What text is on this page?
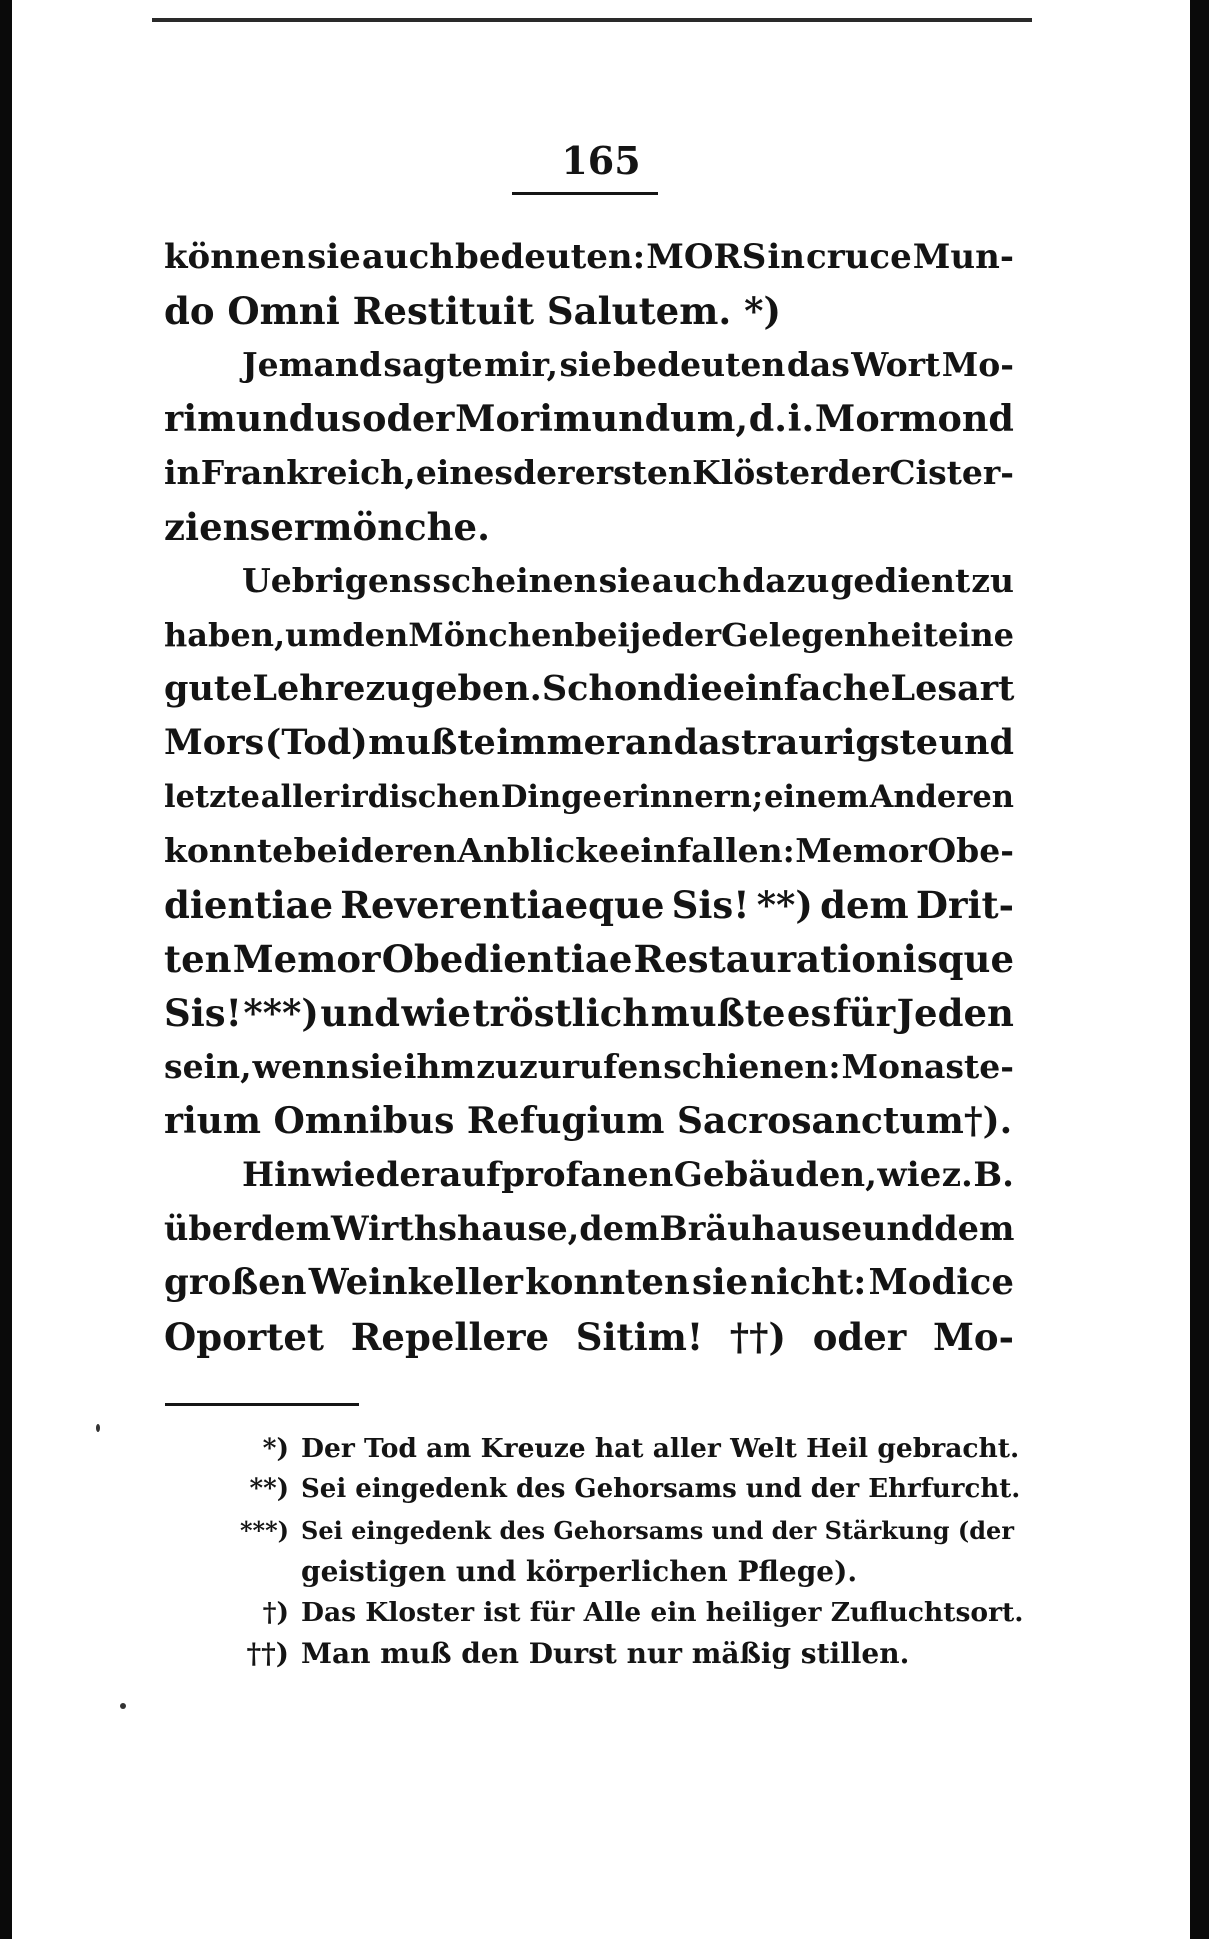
165
können sie auch bedeuten: MORS in cruce Mun-
do Omni Restituit Salutem. *)
Jemand sagte mir, sie bedeuten das Wort Mo-
rimundus oder Morimundum, d. i. Mormond
in Frankreich, eines der ersten Klöster der Cister-
ziensermönche.
Uebrigens scheinen sie auch dazu gedient zu
haben, um den Mönchen bei jeder Gelegenheit eine
gute Lehre zu geben. Schon die einfache Lesart
Mors (Tod) mußte immer an das traurigste und
letzte aller irdischen Dinge erinnern; einem Anderen
konnte bei deren Anblicke einfallen: Memor Obe-
dientiae Reverentiaeque Sis! **) dem Drit-
ten Memor Obedientiae Restaurationisque
Sis! ***) und wie tröstlich mußte es für Jeden
sein, wenn sie ihm zuzurufen schienen: Monaste-
rium Omnibus Refugium Sacrosanctum†).
Hinwieder auf profanen Gebäuden, wie z. B.
über dem Wirthshause, dem Bräuhause und dem
großen Weinkeller konnten sie nicht: Modice
Oportet Repellere Sitim! ††) oder Mo-
*) Der Tod am Kreuze hat aller Welt Heil gebracht.
**) Sei eingedenk des Gehorsams und der Ehrfurcht.
***) Sei eingedenk des Gehorsams und der Stärkung (der
geistigen und körperlichen Pflege).
†) Das Kloster ist für Alle ein heiliger Zufluchtsort.
††) Man muß den Durst nur mäßig stillen.
